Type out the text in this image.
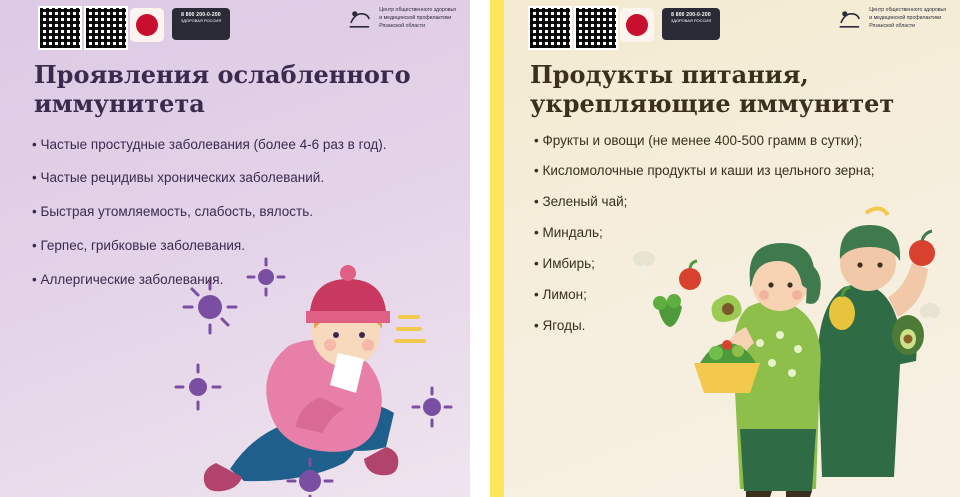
8 800 200-0-200
ЗДОРОВАЯ РОССИЯ
Центр общественного здоровья
и медицинской профилактики
Рязанской области
Проявления ослабленного иммунитета
• Частые простудные заболевания (более 4-6 раз в год).
• Частые рецидивы хронических заболеваний.
• Быстрая утомляемость, слабость, вялость.
• Герпес, грибковые заболевания.
• Аллергические заболевания.
8 800 200-0-200
ЗДОРОВАЯ РОССИЯ
Центр общественного здоровья
и медицинской профилактики
Рязанской области
Продукты питания, укрепляющие иммунитет
• Фрукты и овощи (не менее 400-500 грамм в сутки);
• Кисломолочные продукты и каши из цельного зерна;
• Зеленый чай;
• Миндаль;
• Имбирь;
• Лимон;
• Ягоды.
